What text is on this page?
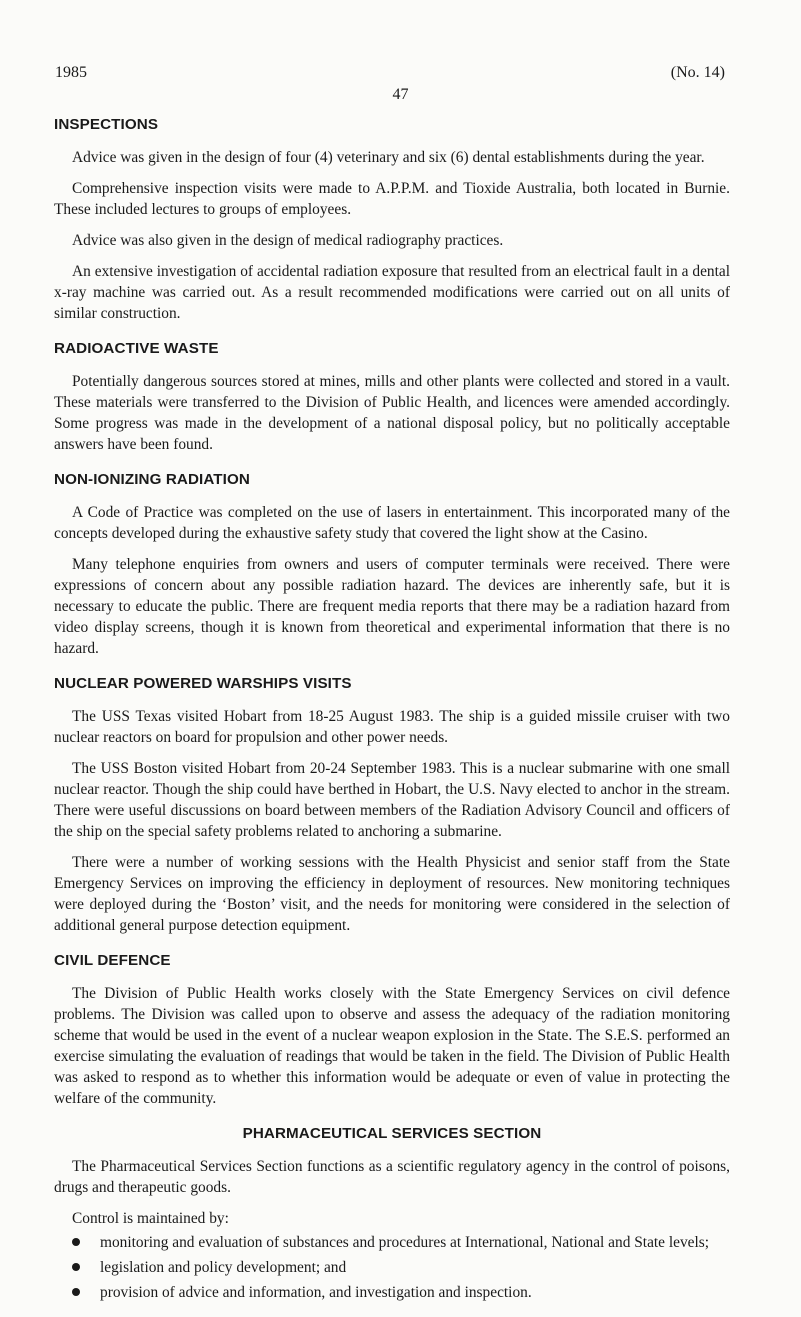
1985	(No. 14)
47
INSPECTIONS

Advice was given in the design of four (4) veterinary and six (6) dental establishments during the year.

Comprehensive inspection visits were made to A.P.P.M. and Tioxide Australia, both located in Burnie. These included lectures to groups of employees.

Advice was also given in the design of medical radiography practices.

An extensive investigation of accidental radiation exposure that resulted from an electrical fault in a dental x-ray machine was carried out. As a result recommended modifications were carried out on all units of similar construction.

RADIOACTIVE WASTE

Potentially dangerous sources stored at mines, mills and other plants were collected and stored in a vault. These materials were transferred to the Division of Public Health, and licences were amended accordingly. Some progress was made in the development of a national disposal policy, but no politically acceptable answers have been found.

NON-IONIZING RADIATION

A Code of Practice was completed on the use of lasers in entertainment. This incorporated many of the concepts developed during the exhaustive safety study that covered the light show at the Casino.

Many telephone enquiries from owners and users of computer terminals were received. There were expressions of concern about any possible radiation hazard. The devices are inherently safe, but it is necessary to educate the public. There are frequent media reports that there may be a radiation hazard from video display screens, though it is known from theoretical and experimental information that there is no hazard.

NUCLEAR POWERED WARSHIPS VISITS

The USS Texas visited Hobart from 18-25 August 1983. The ship is a guided missile cruiser with two nuclear reactors on board for propulsion and other power needs.

The USS Boston visited Hobart from 20-24 September 1983. This is a nuclear submarine with one small nuclear reactor. Though the ship could have berthed in Hobart, the U.S. Navy elected to anchor in the stream. There were useful discussions on board between members of the Radiation Advisory Council and officers of the ship on the special safety problems related to anchoring a submarine.

There were a number of working sessions with the Health Physicist and senior staff from the State Emergency Services on improving the efficiency in deployment of resources. New monitoring techniques were deployed during the ‘Boston’ visit, and the needs for monitoring were considered in the selection of additional general purpose detection equipment.

CIVIL DEFENCE

The Division of Public Health works closely with the State Emergency Services on civil defence problems. The Division was called upon to observe and assess the adequacy of the radiation monitoring scheme that would be used in the event of a nuclear weapon explosion in the State. The S.E.S. performed an exercise simulating the evaluation of readings that would be taken in the field. The Division of Public Health was asked to respond as to whether this information would be adequate or even of value in protecting the welfare of the community.

PHARMACEUTICAL SERVICES SECTION

The Pharmaceutical Services Section functions as a scientific regulatory agency in the control of poisons, drugs and therapeutic goods.

Control is maintained by:

monitoring and evaluation of substances and procedures at International, National and State levels;
legislation and policy development; and
provision of advice and information, and investigation and inspection.
